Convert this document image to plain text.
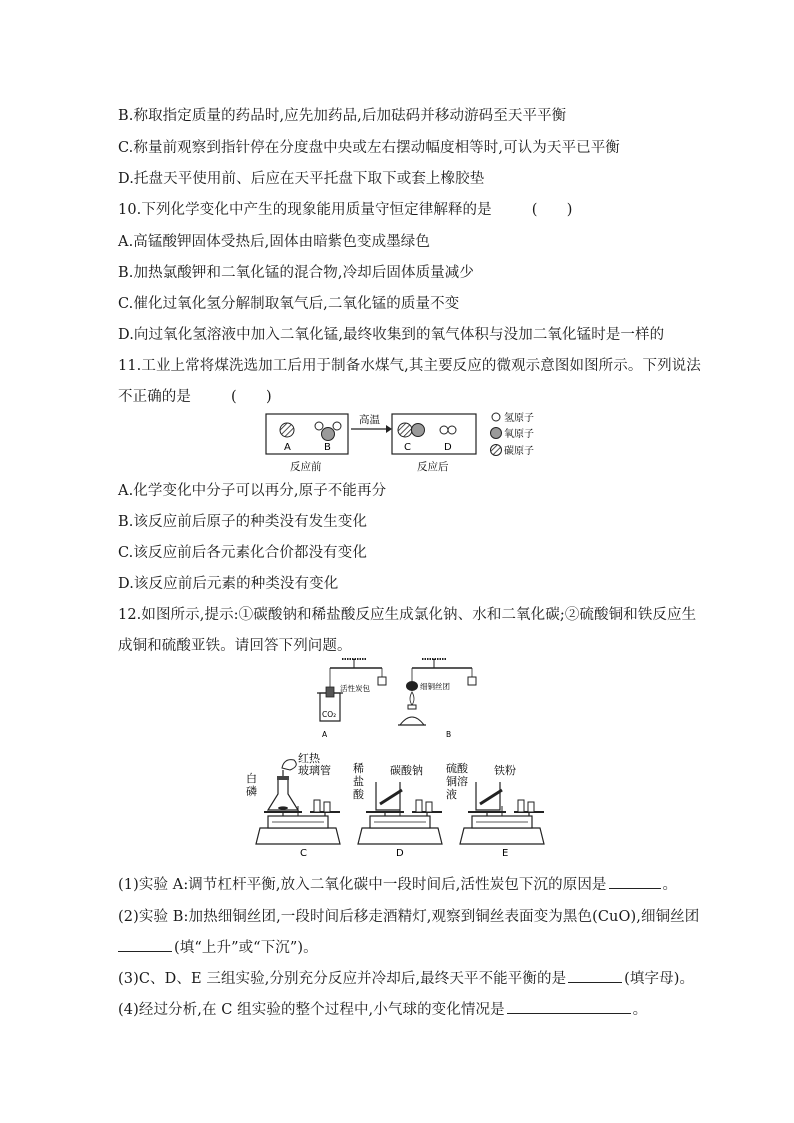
B.称取指定质量的药品时,应先加药品,后加砝码并移动游码至天平平衡
C.称量前观察到指针停在分度盘中央或左右摆动幅度相等时,可认为天平已平衡
D.托盘天平使用前、后应在天平托盘下取下或套上橡胶垫
10.下列化学变化中产生的现象能用质量守恒定律解释的是	(　　)
A.高锰酸钾固体受热后,固体由暗紫色变成墨绿色
B.加热氯酸钾和二氧化锰的混合物,冷却后固体质量减少
C.催化过氧化氢分解制取氧气后,二氧化锰的质量不变
D.向过氧化氢溶液中加入二氧化锰,最终收集到的氧气体积与没加二氧化锰时是一样的
11.工业上常将煤洗选加工后用于制备水煤气,其主要反应的微观示意图如图所示。下列说法
不正确的是	(　　)
A	B
高温
C	D
反应前	反应后
氢原子
氧原子
碳原子
A.化学变化中分子可以再分,原子不能再分
B.该反应前后原子的种类没有发生变化
C.该反应前后各元素化合价都没有变化
D.该反应前后元素的种类没有变化
12.如图所示,提示:①碳酸钠和稀盐酸反应生成氯化钠、水和二氧化碳;②硫酸铜和铁反应生
成铜和硫酸亚铁。请回答下列问题。
活性炭包
CO₂
A
细铜丝团
B
红热
玻璃管
白
磷
C
稀
盐
酸
碳酸钠
D
硫酸
铜溶
液
铁粉
E
(1)实验 A:调节杠杆平衡,放入二氧化碳中一段时间后,活性炭包下沉的原因是	。
(2)实验 B:加热细铜丝团,一段时间后移走酒精灯,观察到铜丝表面变为黑色(CuO),细铜丝团
(填“上升”或“下沉”)。
(3)C、D、E 三组实验,分别充分反应并冷却后,最终天平不能平衡的是	(填字母)。
(4)经过分析,在 C 组实验的整个过程中,小气球的变化情况是	。
